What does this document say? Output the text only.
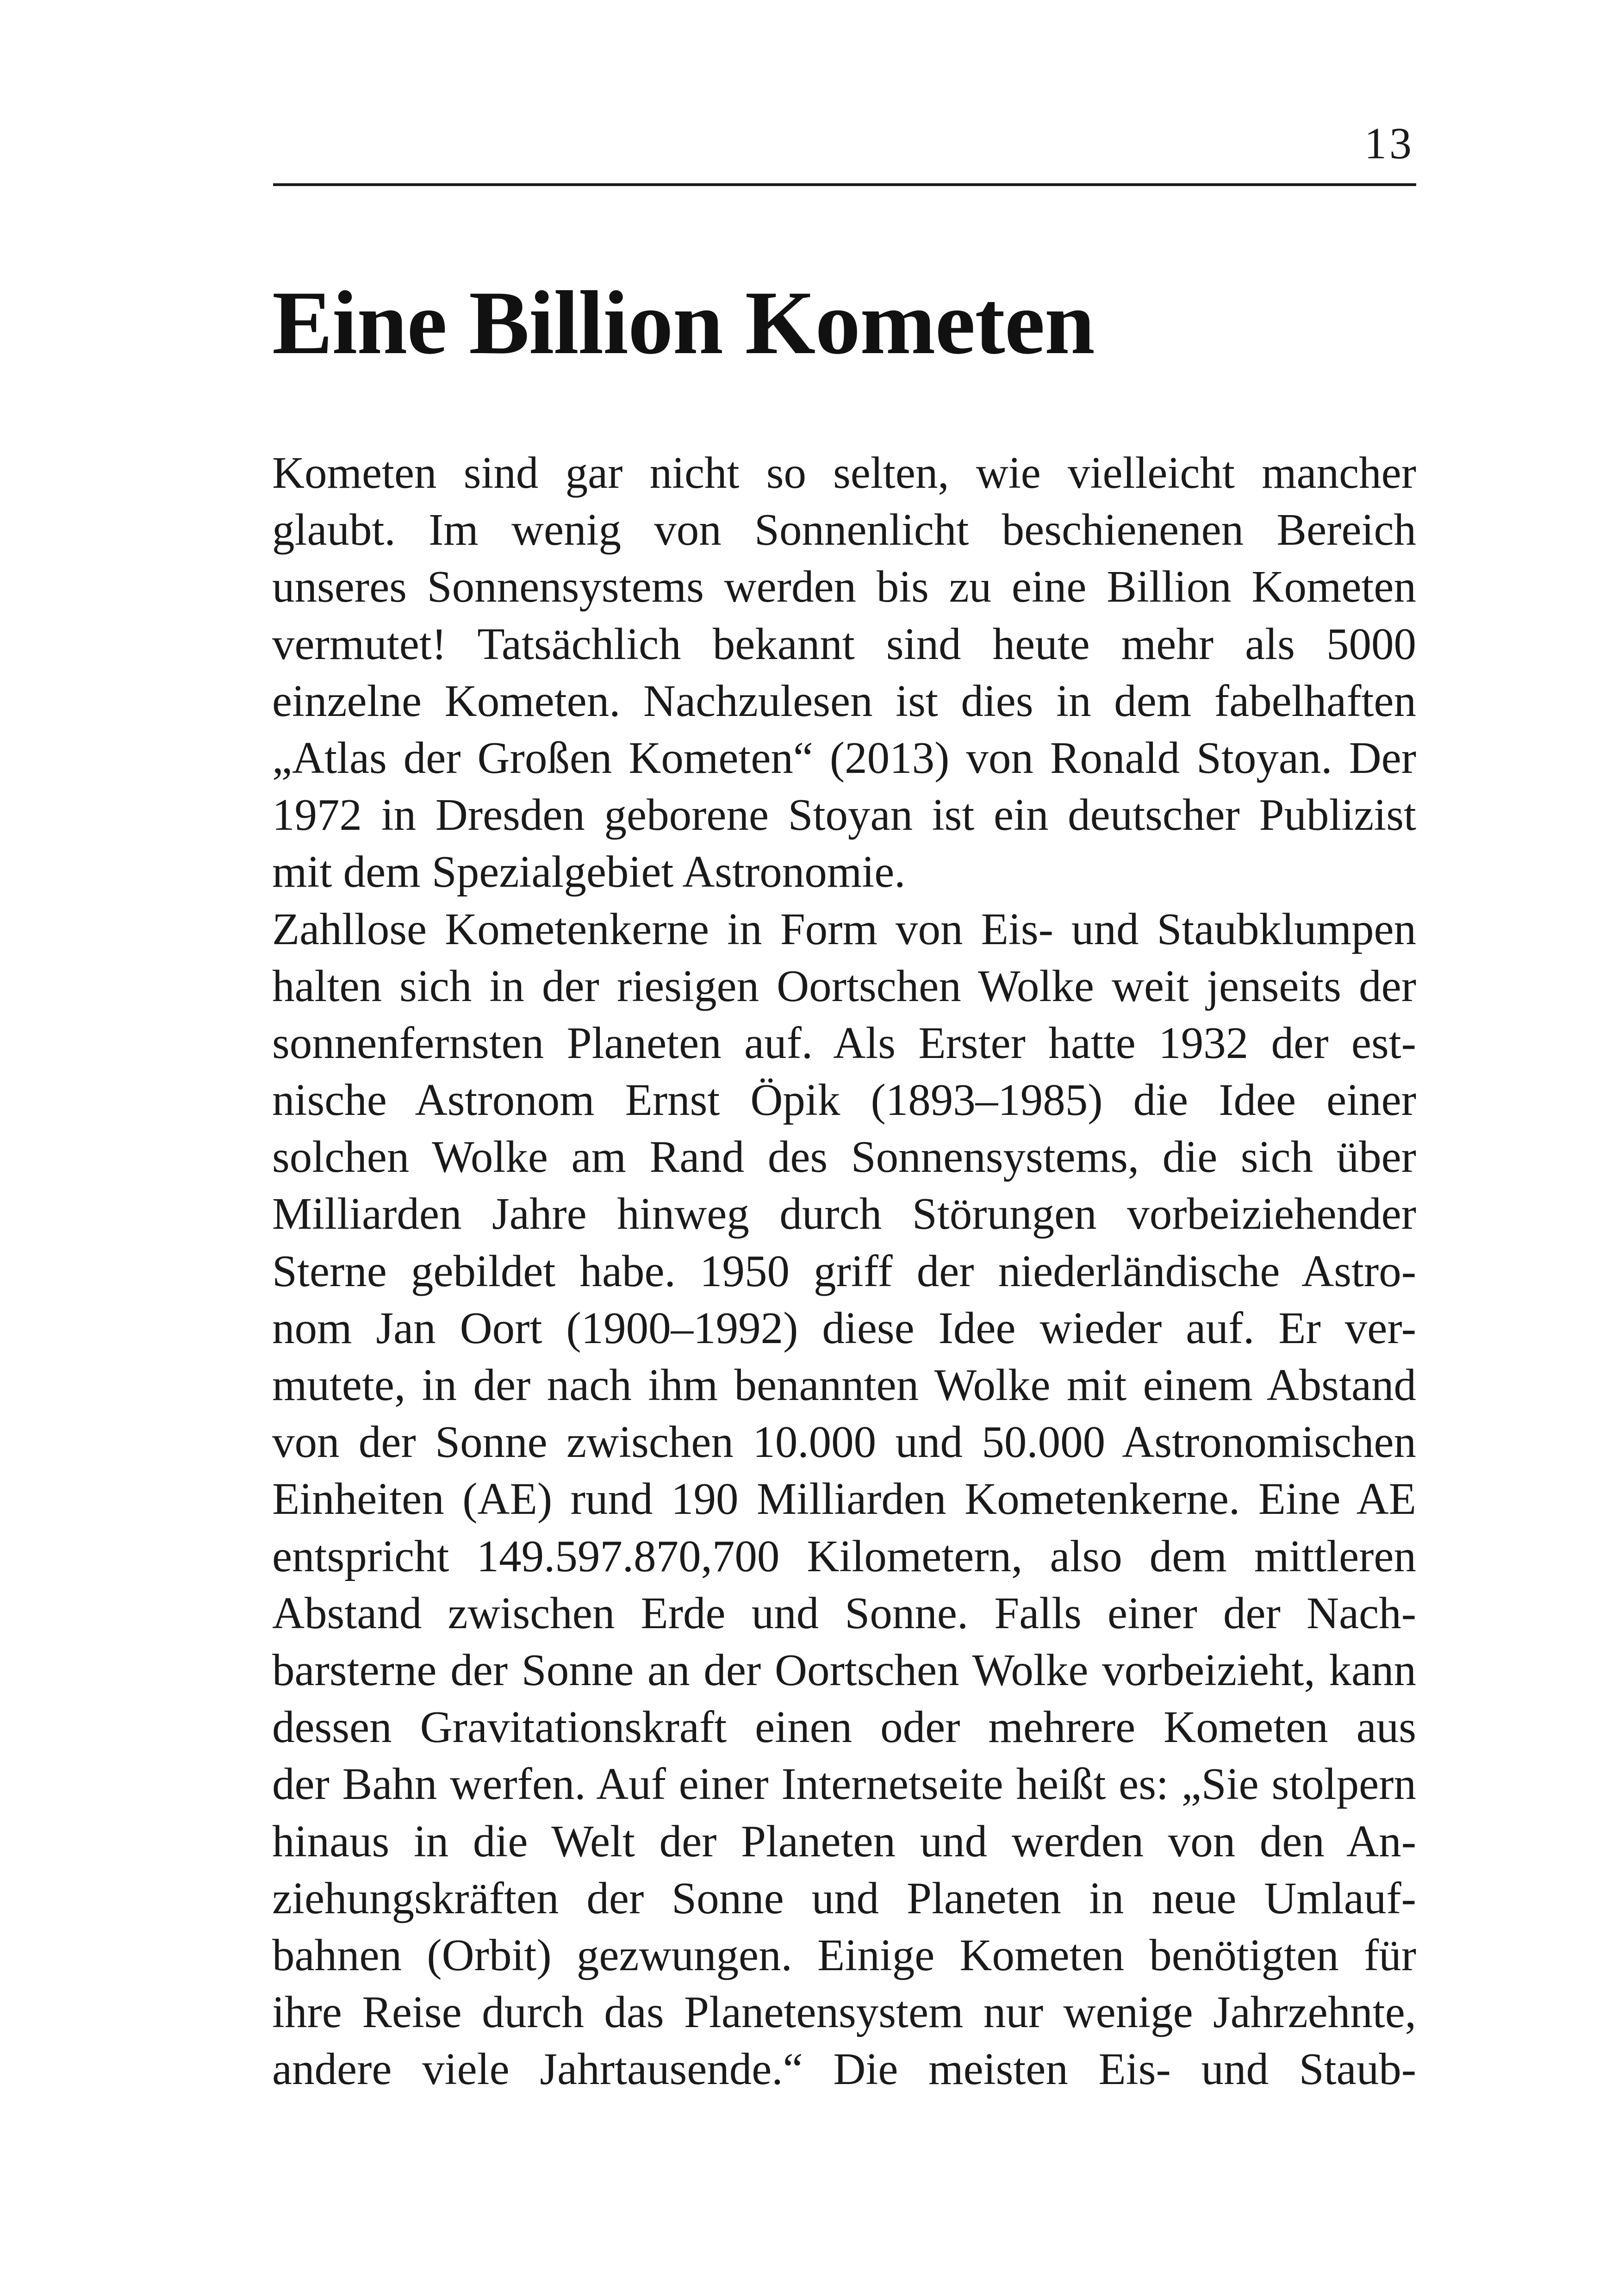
13
Eine Billion Kometen
Kometen sind gar nicht so selten, wie vielleicht mancher
glaubt. Im wenig von Sonnenlicht beschienenen Bereich
unseres Sonnensystems werden bis zu eine Billion Kometen
vermutet! Tatsächlich bekannt sind heute mehr als 5000
einzelne Kometen. Nachzulesen ist dies in dem fabelhaften
„Atlas der Großen Kometen“ (2013) von Ronald Stoyan. Der
1972 in Dresden geborene Stoyan ist ein deutscher Publizist
mit dem Spezialgebiet Astronomie.
Zahllose Kometenkerne in Form von Eis- und Staubklumpen
halten sich in der riesigen Oortschen Wolke weit jenseits der
sonnenfernsten Planeten auf. Als Erster hatte 1932 der est-
nische Astronom Ernst Öpik (1893–1985) die Idee einer
solchen Wolke am Rand des Sonnensystems, die sich über
Milliarden Jahre hinweg durch Störungen vorbeiziehender
Sterne gebildet habe. 1950 griff der niederländische Astro-
nom Jan Oort (1900–1992) diese Idee wieder auf. Er ver-
mutete, in der nach ihm benannten Wolke mit einem Abstand
von der Sonne zwischen 10.000 und 50.000 Astronomischen
Einheiten (AE) rund 190 Milliarden Kometenkerne. Eine AE
entspricht 149.597.870,700 Kilometern, also dem mittleren
Abstand zwischen Erde und Sonne. Falls einer der Nach-
barsterne der Sonne an der Oortschen Wolke vorbeizieht, kann
dessen Gravitationskraft einen oder mehrere Kometen aus
der Bahn werfen. Auf einer Internetseite heißt es: „Sie stolpern
hinaus in die Welt der Planeten und werden von den An-
ziehungskräften der Sonne und Planeten in neue Umlauf-
bahnen (Orbit) gezwungen. Einige Kometen benötigten für
ihre Reise durch das Planetensystem nur wenige Jahrzehnte,
andere viele Jahrtausende.“ Die meisten Eis- und Staub-
